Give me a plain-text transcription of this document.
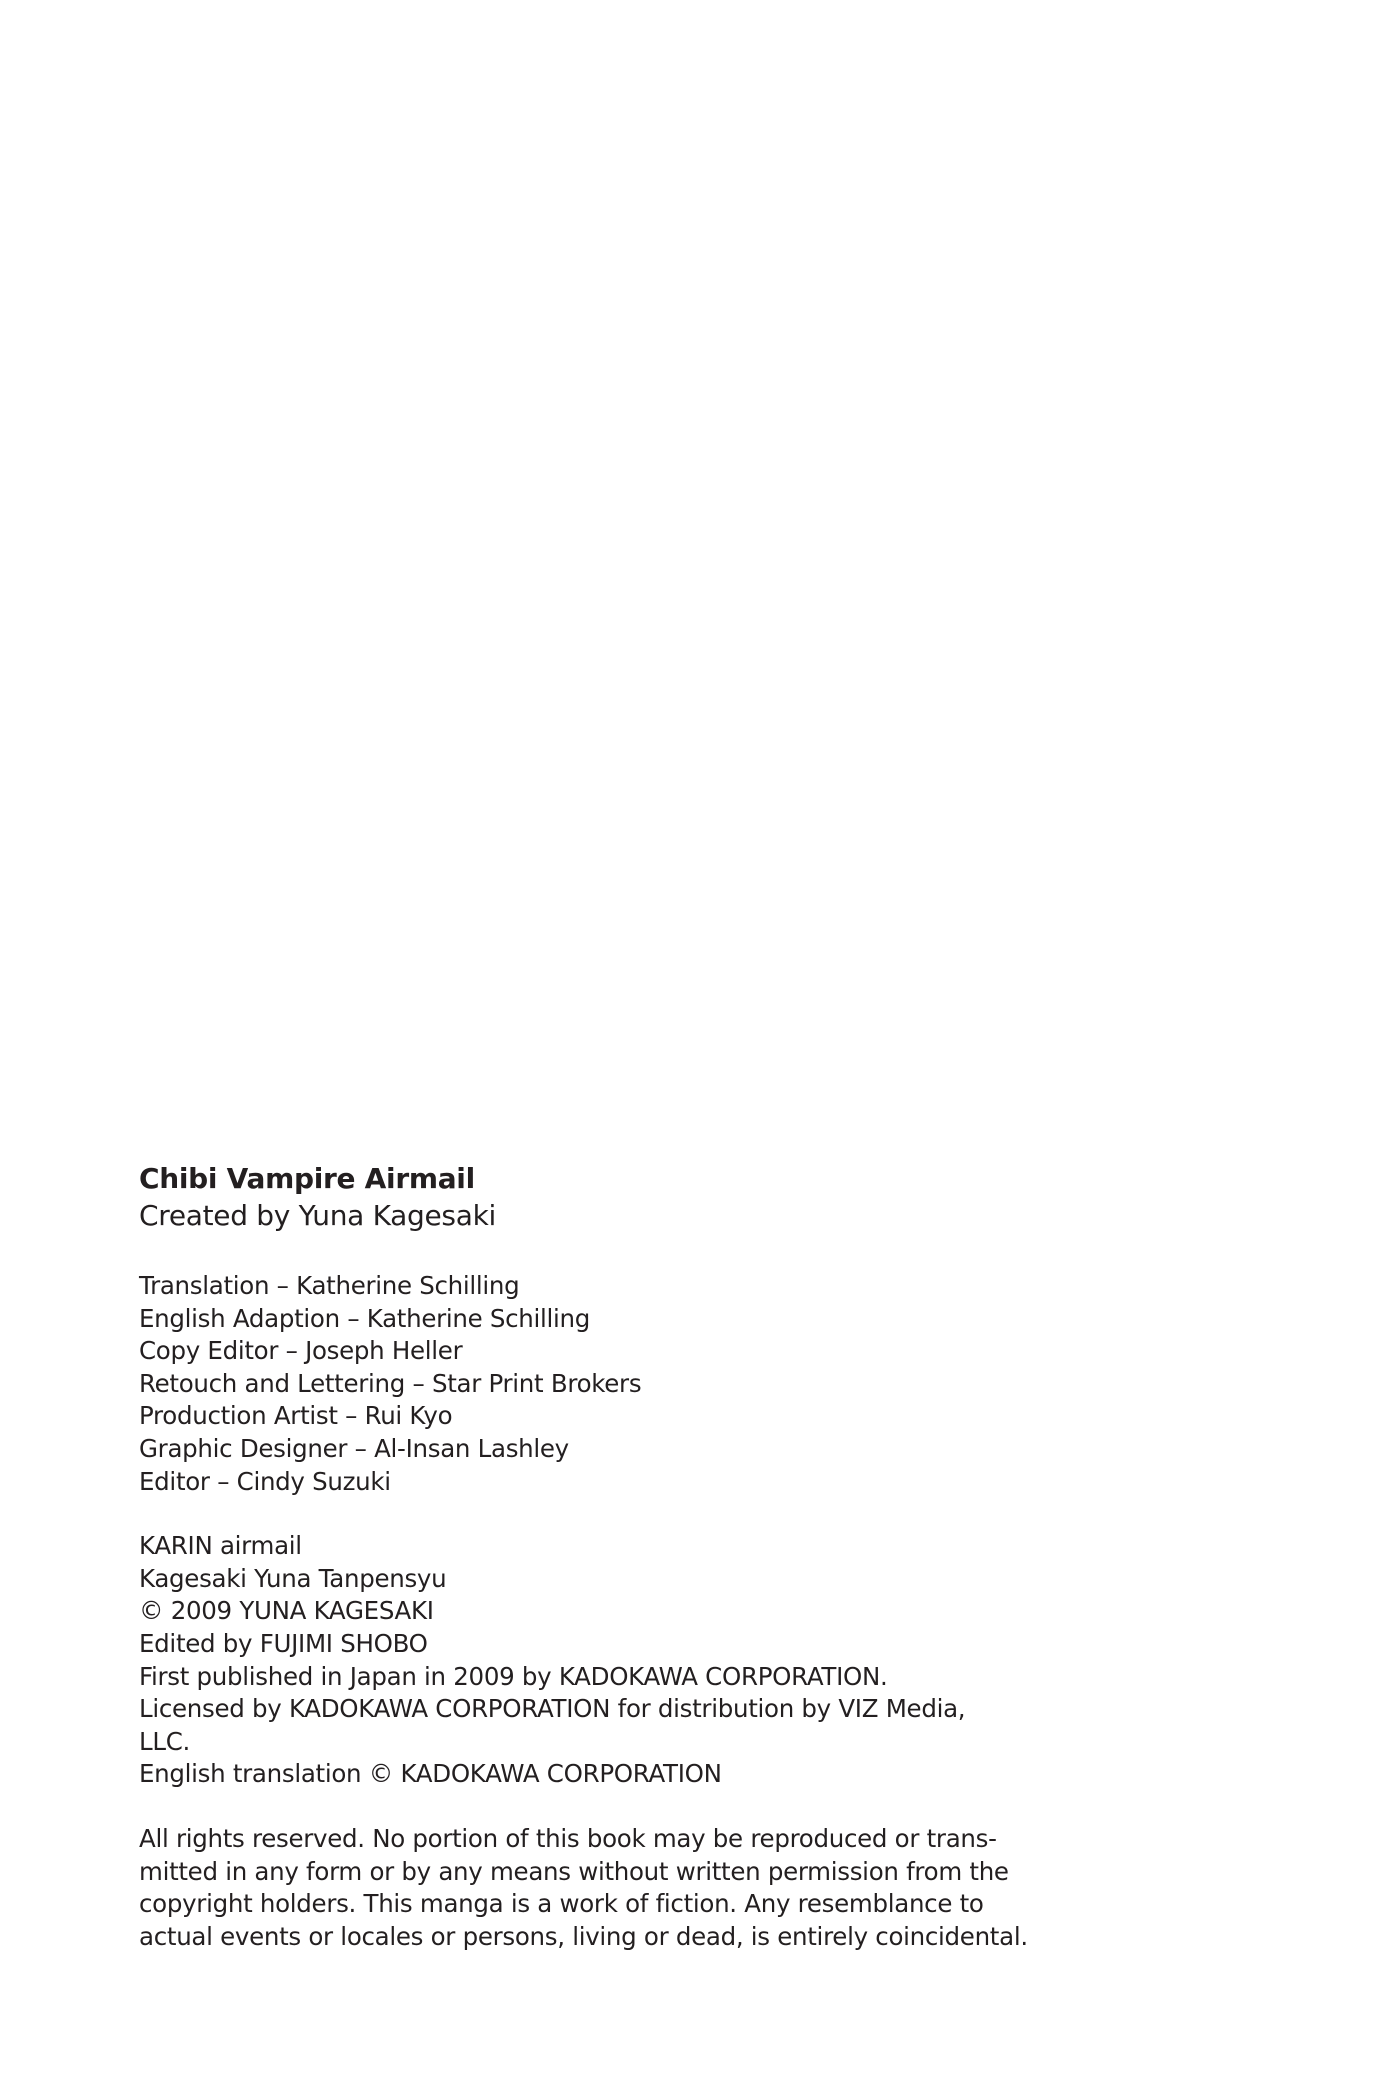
Chibi Vampire Airmail
Created by Yuna Kagesaki
Translation – Katherine Schilling
English Adaption – Katherine Schilling
Copy Editor – Joseph Heller
Retouch and Lettering – Star Print Brokers
Production Artist – Rui Kyo
Graphic Designer – Al-Insan Lashley
Editor – Cindy Suzuki
KARIN airmail
Kagesaki Yuna Tanpensyu
© 2009 YUNA KAGESAKI
Edited by FUJIMI SHOBO
First published in Japan in 2009 by KADOKAWA CORPORATION.
Licensed by KADOKAWA CORPORATION for distribution by VIZ Media,
LLC.
English translation © KADOKAWA CORPORATION
All rights reserved. No portion of this book may be reproduced or trans-
mitted in any form or by any means without written permission from the
copyright holders. This manga is a work of fiction. Any resemblance to
actual events or locales or persons, living or dead, is entirely coincidental.
